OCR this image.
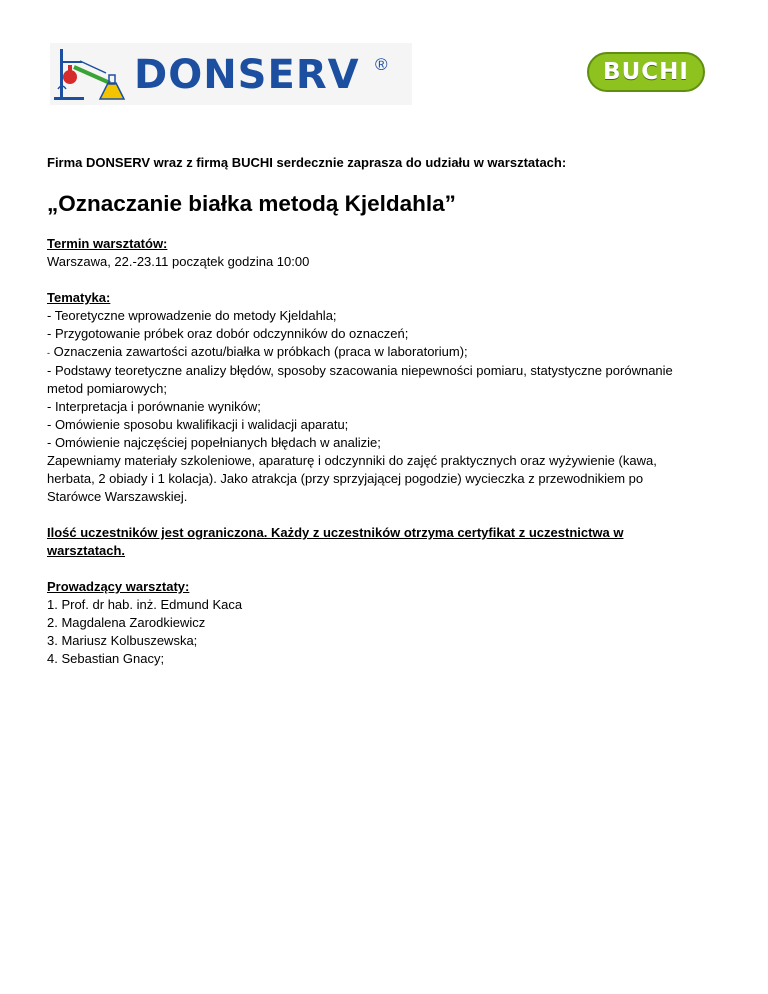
DONSERV ®	BUCHI

Firma DONSERV wraz z firmą BUCHI serdecznie zaprasza do udziału w warsztatach:

„Oznaczanie białka metodą Kjeldahla”

Termin warsztatów:

Warszawa, 22.-23.11 początek godzina 10:00

Tematyka:

- Teoretyczne wprowadzenie do metody Kjeldahla;

- Przygotowanie próbek oraz dobór odczynników do oznaczeń;

- Oznaczenia zawartości azotu/białka w próbkach (praca w laboratorium);

- Podstawy teoretyczne analizy błędów, sposoby szacowania niepewności pomiaru, statystyczne porównanie

metod pomiarowych;

- Interpretacja i porównanie wyników;

- Omówienie sposobu kwalifikacji i walidacji aparatu;

- Omówienie najczęściej popełnianych błędach w analizie;

Zapewniamy materiały szkoleniowe, aparaturę i odczynniki do zajęć praktycznych oraz wyżywienie (kawa,

herbata, 2 obiady i 1 kolacja). Jako atrakcja (przy sprzyjającej pogodzie) wycieczka z przewodnikiem po

Starówce Warszawskiej.

Ilość uczestników jest ograniczona. Każdy z uczestników otrzyma certyfikat z uczestnictwa w

warsztatach.

Prowadzący warsztaty:

1. Prof. dr hab. inż. Edmund Kaca

2. Magdalena Zarodkiewicz

3. Mariusz Kolbuszewska;

4. Sebastian Gnacy;
